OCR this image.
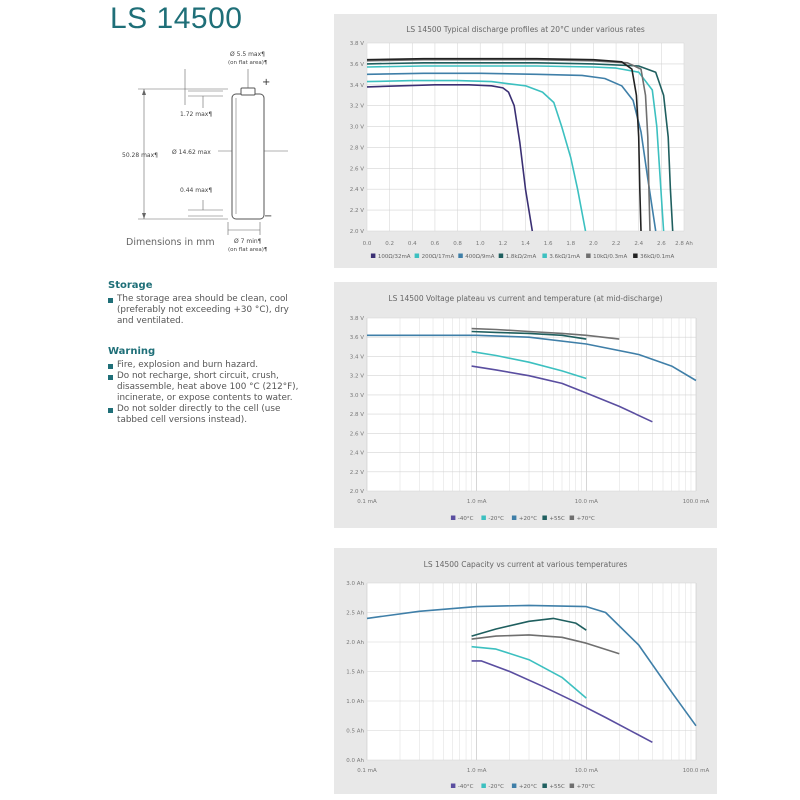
LS 14500
Ø 5.5 max¶
(on flat area)¶
+
−
1.72 max¶
50.28 max¶ Ø 14.62 max
0.44 max¶
Ø 7 min¶
(on flat area)¶
Dimensions in mm
Storage
The storage area should be clean, cool (preferably not exceeding +30 °C), dry and ventilated.
Warning
Fire, explosion and burn hazard.
Do not recharge, short circuit, crush, disassemble, heat above 100 °C (212°F), incinerate, or expose contents to water.
Do not solder directly to the cell (use tabbed cell versions instead).
2.0 V
2.2 V
2.4 V
2.6 V
2.8 V
3.0 V
3.2 V
3.4 V
3.6 V
3.8 V
0.0	0.2	0.4	0.6	0.8	1.0	1.2	1.4	1.6	1.8	2.0	2.2	2.4	2.6 2.8 Ah
LS 14500 Typical discharge profiles at 20°C under various rates
100Ω/32mA 200Ω/17mA 400Ω/9mA 1.8kΩ/2mA 3.6kΩ/1mA 10kΩ/0.3mA 36kΩ/0.1mA
2.0 V
2.2 V
2.4 V
2.6 V
2.8 V
3.0 V
3.2 V
3.4 V
3.6 V
3.8 V
0.1 mA	1.0 mA	10.0 mA	100.0 mA
LS 14500 Voltage plateau vs current and temperature (at mid-discharge)
-40°C	-20°C	+20°C +55C +70°C
0.0 Ah
0.5 Ah
1.0 Ah
1.5 Ah
2.0 Ah
2.5 Ah
3.0 Ah
0.1 mA	1.0 mA	10.0 mA	100.0 mA
LS 14500 Capacity vs current at various temperatures
-40°C	-20°C	+20°C +55C +70°C
